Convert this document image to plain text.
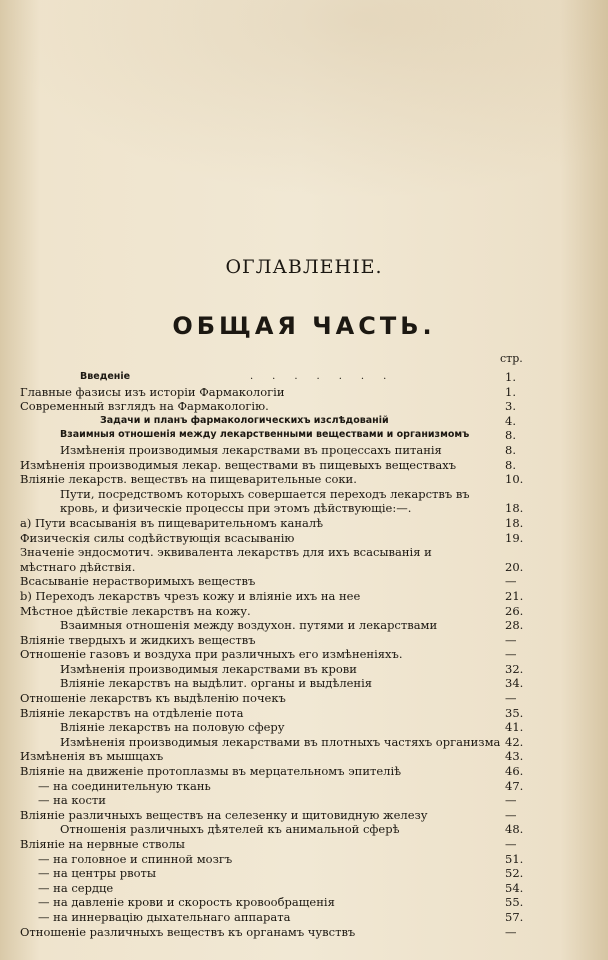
ОГЛАВЛЕНІЕ.
ОБЩАЯ ЧАСТЬ.
стр.
Введеніе	.......	1.
Главные фазисы изъ исторіи Фармакологіи	1.
Современный взглядъ на Фармакологію.	3.
Задачи и планъ фармакологическихъ изслѣдованій	4.
Взаимныя отношенія между лекарственными веществами и организмомъ	8.
Измѣненія производимыя лекарствами въ процессахъ питанія	8.
Измѣненія производимыя лекар. веществами въ пищевыхъ веществахъ	8.
Вліяніе лекарств. веществъ на пищеварительные соки.	10.
Пути, посредствомъ которыхъ совершается переходъ лекарствъ въ кровь, и физическіе процессы при этомъ дѣйствующіе:—.	18.
а) Пути всасыванія въ пищеварительномъ каналѣ	18.
Физическія силы содѣйствующія всасыванію	19.
Значеніе эндосмотич. эквивалента лекарствъ для ихъ всасыванія и мѣстнаго дѣйствія.	20.
Всасываніе нерастворимыхъ веществъ	—
b) Переходъ лекарствъ чрезъ кожу и вліяніе ихъ на нее	21.
Мѣстное дѣйствіе лекарствъ на кожу.	26.
Взаимныя отношенія между воздухон. путями и лекарствами	28.
Вліяніе твердыхъ и жидкихъ веществъ	—
Отношеніе газовъ и воздуха при различныхъ его измѣненіяхъ.	—
Измѣненія производимыя лекарствами въ крови	32.
Вліяніе лекарствъ на выдѣлит. органы и выдѣленія	34.
Отношеніе лекарствъ къ выдѣленію почекъ	—
Вліяніе лекарствъ на отдѣленіе пота	35.
Вліяніе лекарствъ на половую сферу	41.
Измѣненія производимыя лекарствами въ плотныхъ частяхъ организма 42.
Измѣненія въ мышцахъ	43.
Вліяніе на движеніе протоплазмы въ мерцательномъ эпителіѣ	46.
— на соединительную ткань	47.
— на кости	—
Вліяніе различныхъ веществъ на селезенку и щитовидную железу	—
Отношенія различныхъ дѣятелей къ анимальной сферѣ	48.
Вліяніе на нервные стволы	—
— на головное и спинной мозгъ	51.
— на центры рвоты	52.
— на сердце	54.
— на давленіе крови и скорость кровообращенія	55.
— на иннервацію дыхательнаго аппарата	57.
Отношеніе различныхъ веществъ къ органамъ чувствъ	—
